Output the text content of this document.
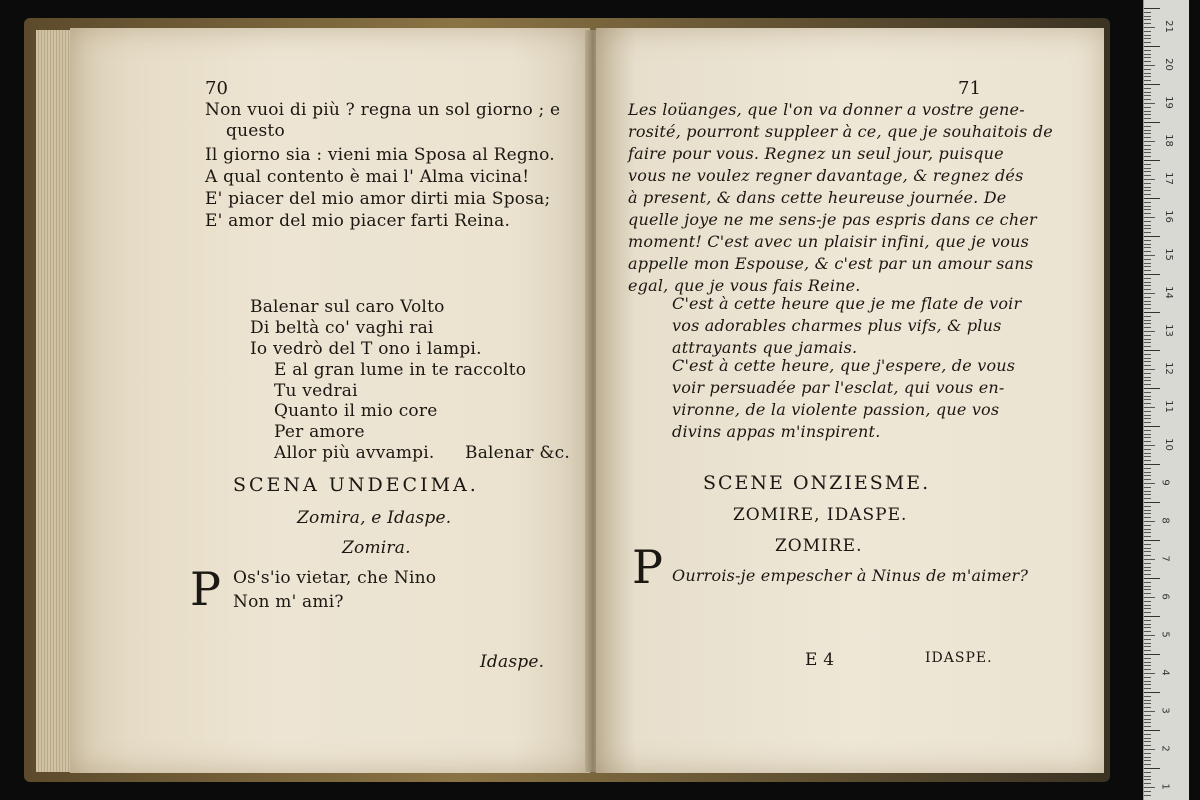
70
Non vuoi di più ? regna un sol giorno ; e
questo
Il giorno sia : vieni mia Sposa al Regno.
A qual contento è mai l' Alma vicina!
E' piacer del mio amor dirti mia Sposa;
E' amor del mio piacer farti Reina.
Balenar sul caro Volto
Di beltà co' vaghi rai
Io vedrò del T ono i lampi.
E al gran lume in te raccolto
Tu vedrai
Quanto il mio core
Per amore
Allor più avvampi. Balenar &c.
SCENA UNDECIMA.
Zomira, e Idaspe.
Zomira.
P Os's'io vietar, che Nino
Non m' ami?
Idaspe.
71
Les loüanges, que l'on va donner a vostre gene-
rosité, pourront suppleer à ce, que je souhaitois de
faire pour vous. Regnez un seul jour, puisque
vous ne voulez regner davantage, & regnez dés
à present, & dans cette heureuse journée. De
quelle joye ne me sens-je pas espris dans ce cher
moment! C'est avec un plaisir infini, que je vous
appelle mon Espouse, & c'est par un amour sans
egal, que je vous fais Reine.
C'est à cette heure que je me flate de voir
vos adorables charmes plus vifs, & plus
attrayants que jamais.
C'est à cette heure, que j'espere, de vous
voir persuadée par l'esclat, qui vous en-
vironne, de la violente passion, que vos
divins appas m'inspirent.
SCENE ONZIESME.
ZOMIRE, IDASPE.
ZOMIRE.
P Ourrois-je empescher à Ninus de m'aimer?
E 4	IDASPE.
21
20
19
18
17
16
15
14
13
12
11
10
9
8
7
6
5
4
3
2
1
